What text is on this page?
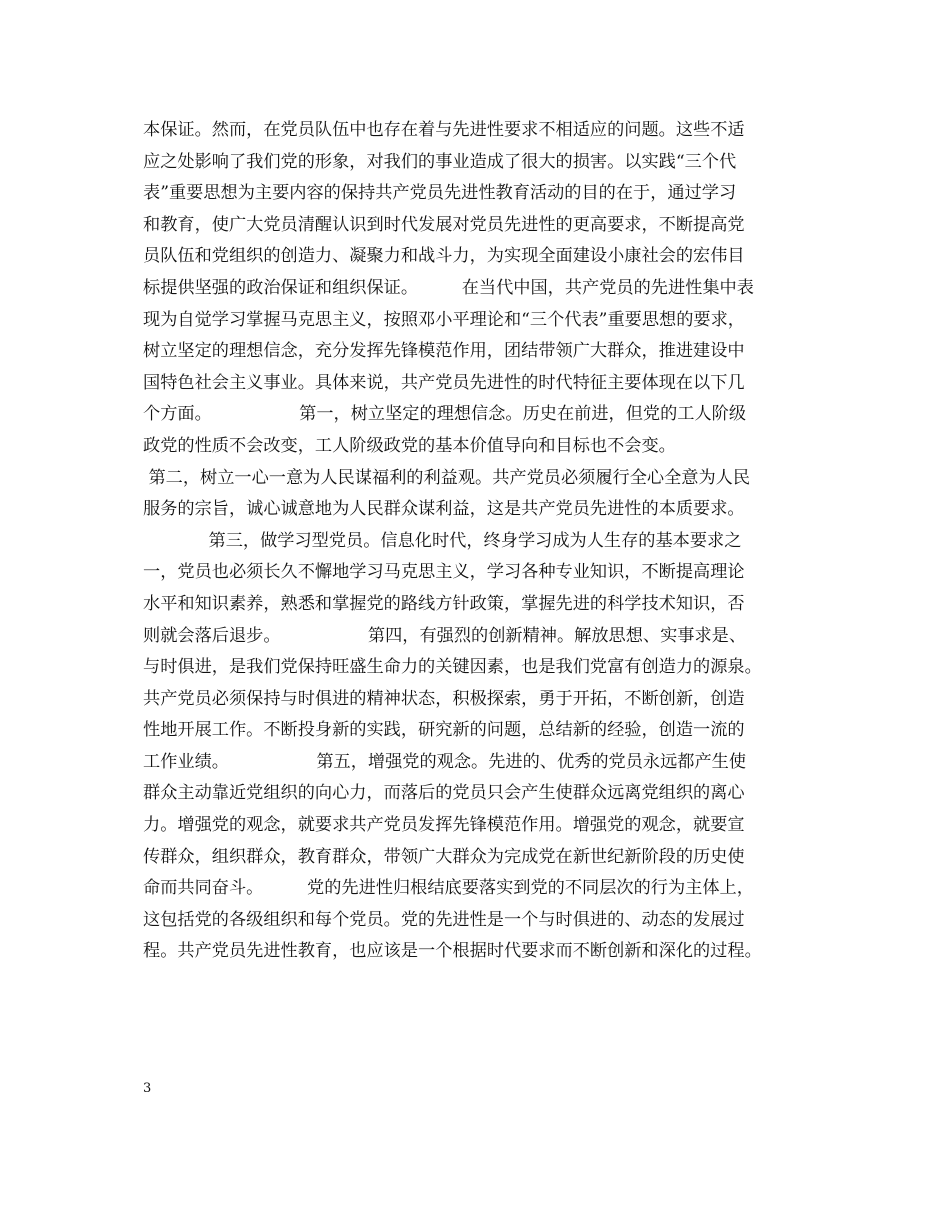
本保证。然而，在党员队伍中也存在着与先进性要求不相适应的问题。这些不适
应之处影响了我们党的形象，对我们的事业造成了很大的损害。以实践“三个代
表”重要思想为主要内容的保持共产党员先进性教育活动的目的在于，通过学习
和教育，使广大党员清醒认识到时代发展对党员先进性的更高要求，不断提高党
员队伍和党组织的创造力、凝聚力和战斗力，为实现全面建设小康社会的宏伟目
标提供坚强的政治保证和组织保证。        在当代中国，共产党员的先进性集中表
现为自觉学习掌握马克思主义，按照邓小平理论和“三个代表”重要思想的要求，
树立坚定的理想信念，充分发挥先锋模范作用，团结带领广大群众，推进建设中
国特色社会主义事业。具体来说，共产党员先进性的时代特征主要体现在以下几
个方面。                第一，树立坚定的理想信念。历史在前进，但党的工人阶级
政党的性质不会改变，工人阶级政党的基本价值导向和目标也不会变。
第二，树立一心一意为人民谋福利的利益观。共产党员必须履行全心全意为人民
服务的宗旨，诚心诚意地为人民群众谋利益，这是共产党员先进性的本质要求。
第三，做学习型党员。信息化时代，终身学习成为人生存的基本要求之
一，党员也必须长久不懈地学习马克思主义，学习各种专业知识，不断提高理论
水平和知识素养，熟悉和掌握党的路线方针政策，掌握先进的科学技术知识，否
则就会落后退步。                第四，有强烈的创新精神。解放思想、实事求是、
与时俱进，是我们党保持旺盛生命力的关键因素，也是我们党富有创造力的源泉。
共产党员必须保持与时俱进的精神状态，积极探索，勇于开拓，不断创新，创造
性地开展工作。不断投身新的实践，研究新的问题，总结新的经验，创造一流的
工作业绩。                第五，增强党的观念。先进的、优秀的党员永远都产生使
群众主动靠近党组织的向心力，而落后的党员只会产生使群众远离党组织的离心
力。增强党的观念，就要求共产党员发挥先锋模范作用。增强党的观念，就要宣
传群众，组织群众，教育群众，带领广大群众为完成党在新世纪新阶段的历史使
命而共同奋斗。        党的先进性归根结底要落实到党的不同层次的行为主体上，
这包括党的各级组织和每个党员。党的先进性是一个与时俱进的、动态的发展过
程。共产党员先进性教育，也应该是一个根据时代要求而不断创新和深化的过程。
3
